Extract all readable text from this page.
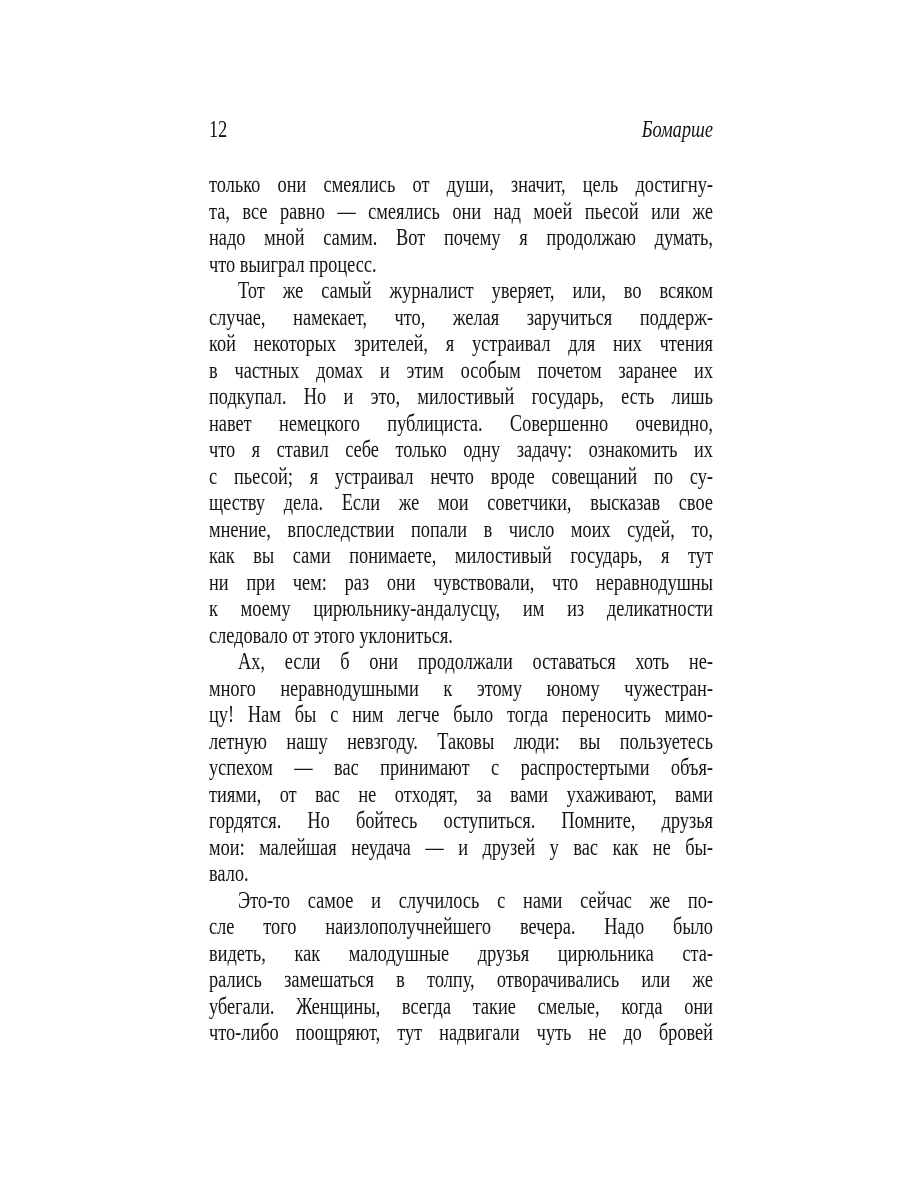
12	Бомарше
только они смеялись от души, значит, цель достигну-
та, все равно — смеялись они над моей пьесой или же
надо мной самим. Вот почему я продолжаю думать,
что выиграл процесс.
Тот же самый журналист уверяет, или, во всяком
случае, намекает, что, желая заручиться поддерж-
кой некоторых зрителей, я устраивал для них чтения
в частных домах и этим особым почетом заранее их
подкупал. Но и это, милостивый государь, есть лишь
навет немецкого публициста. Совершенно очевидно,
что я ставил себе только одну задачу: ознакомить их
с пьесой; я устраивал нечто вроде совещаний по су-
ществу дела. Если же мои советчики, высказав свое
мнение, впоследствии попали в число моих судей, то,
как вы сами понимаете, милостивый государь, я тут
ни при чем: раз они чувствовали, что неравнодушны
к моему цирюльнику-андалусцу, им из деликатности
следовало от этого уклониться.
Ах, если б они продолжали оставаться хоть не-
много неравнодушными к этому юному чужестран-
цу! Нам бы с ним легче было тогда переносить мимо-
летную нашу невзгоду. Таковы люди: вы пользуетесь
успехом — вас принимают с распростертыми объя-
тиями, от вас не отходят, за вами ухаживают, вами
гордятся. Но бойтесь оступиться. Помните, друзья
мои: малейшая неудача — и друзей у вас как не бы-
вало.
Это-то самое и случилось с нами сейчас же по-
сле того наизлополучнейшего вечера. Надо было
видеть, как малодушные друзья цирюльника ста-
рались замешаться в толпу, отворачивались или же
убегали. Женщины, всегда такие смелые, когда они
что-либо поощряют, тут надвигали чуть не до бровей
